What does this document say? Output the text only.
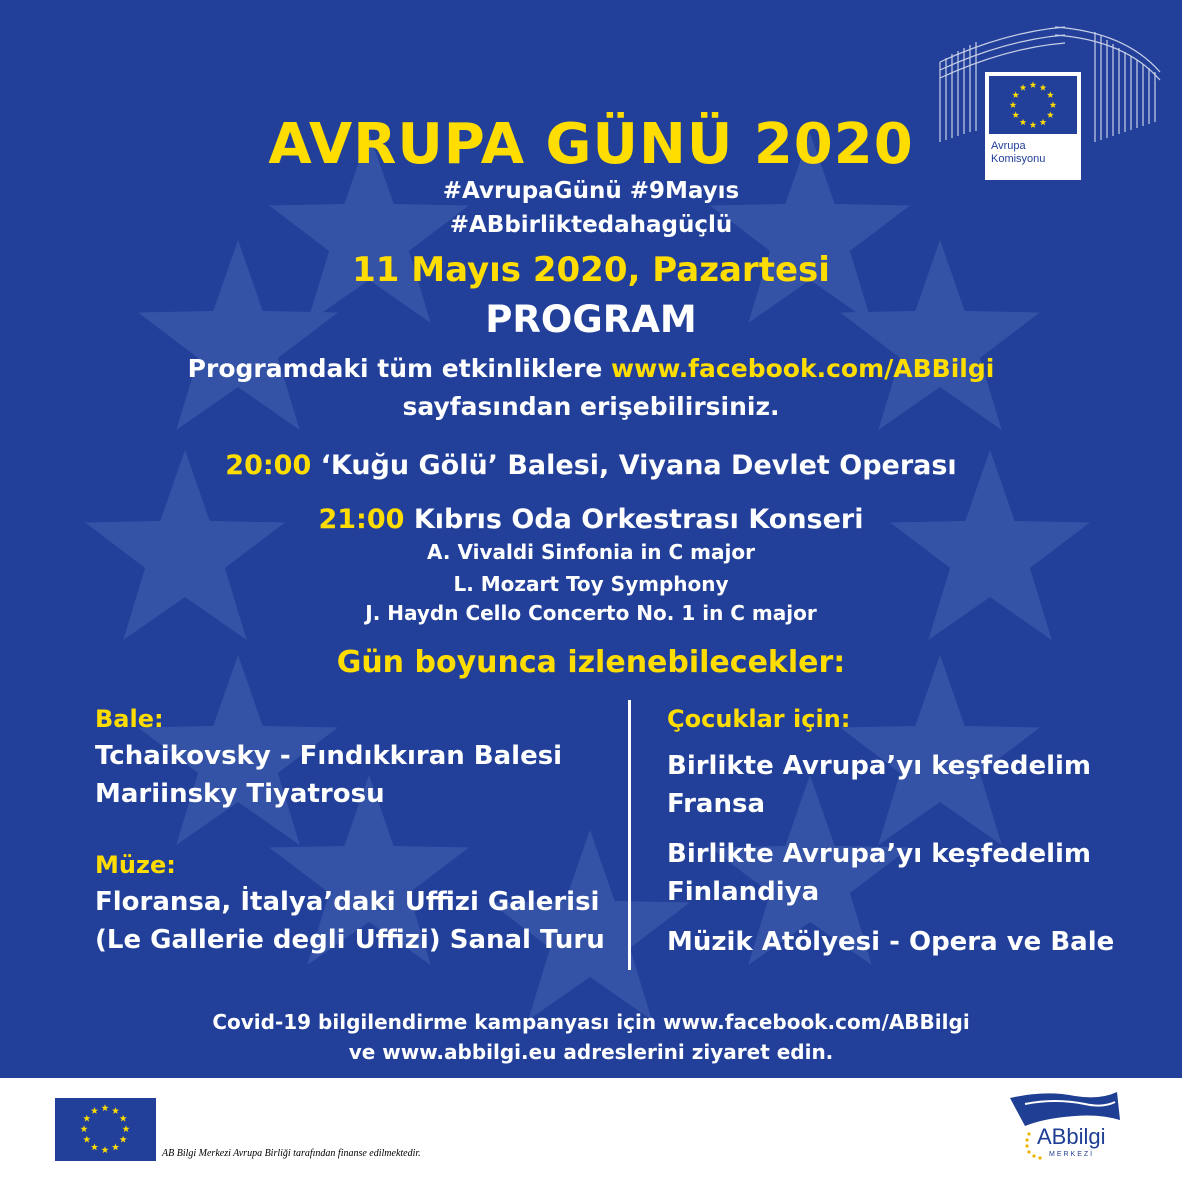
Avrupa
Komisyonu
AVRUPA GÜNÜ 2020
#AvrupaGünü #9Mayıs
#ABbirliktedahagüçlü
11 Mayıs 2020, Pazartesi
PROGRAM
Programdaki tüm etkinliklere www.facebook.com/ABBilgi
sayfasından erişebilirsiniz.
20:00 ‘Kuğu Gölü’ Balesi, Viyana Devlet Operası
21:00 Kıbrıs Oda Orkestrası Konseri
A. Vivaldi Sinfonia in C major
L. Mozart Toy Symphony
J. Haydn Cello Concerto No. 1 in C major
Gün boyunca izlenebilecekler:
Bale:
Tchaikovsky - Fındıkkıran Balesi
Mariinsky Tiyatrosu
Müze:
Floransa, İtalya’daki Uffizi Galerisi
(Le Gallerie degli Uffizi) Sanal Turu
Çocuklar için:
Birlikte Avrupa’yı keşfedelim
Fransa
Birlikte Avrupa’yı keşfedelim
Finlandiya
Müzik Atölyesi - Opera ve Bale
Covid-19 bilgilendirme kampanyası için www.facebook.com/ABBilgi
ve www.abbilgi.eu adreslerini ziyaret edin.
AB Bilgi Merkezi Avrupa Birliği tarafından finanse edilmektedir.
ABbilgi
MERKEZİ
